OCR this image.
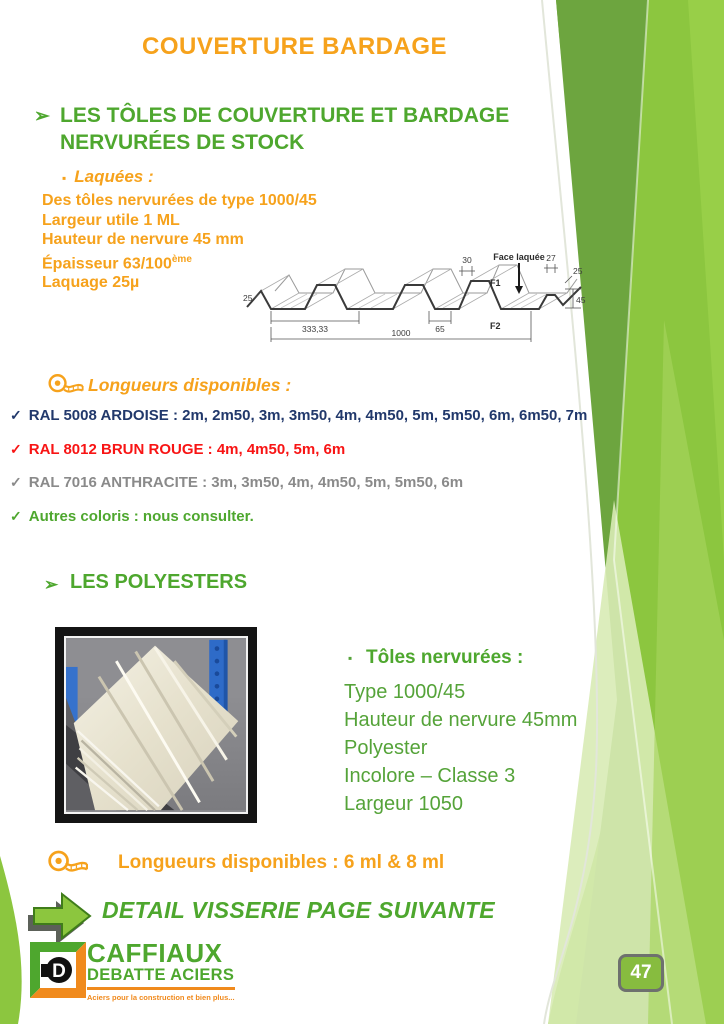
COUVERTURE BARDAGE
➢ LES TÔLES DE COUVERTURE ET BARDAGE NERVURÉES DE STOCK
▪ Laquées :
Des tôles nervurées de type 1000/45
Largeur utile 1 ML
Hauteur de nervure 45 mm
Épaisseur 63/100ème
Laquage 25µ
333,33	65
1000
30 Face laquée 27
25
25
F1
F2
45
Longueurs disponibles :
✓ RAL 5008 ARDOISE : 2m, 2m50, 3m, 3m50, 4m, 4m50, 5m, 5m50, 6m, 6m50, 7m
✓ RAL 8012 BRUN ROUGE : 4m, 4m50, 5m, 6m
✓ RAL 7016 ANTHRACITE : 3m, 3m50, 4m, 4m50, 5m, 5m50, 6m
✓ Autres coloris : nous consulter.
➢ LES POLYESTERS
▪ Tôles nervurées :
Type 1000/45
Hauteur de nervure 45mm
Polyester
Incolore – Classe 3
Largeur 1050
Longueurs disponibles : 6 ml & 8 ml
DETAIL VISSERIE PAGE SUIVANTE
D
CAFFIAUX
DEBATTE ACIERS
Aciers pour la construction et bien plus...
47
